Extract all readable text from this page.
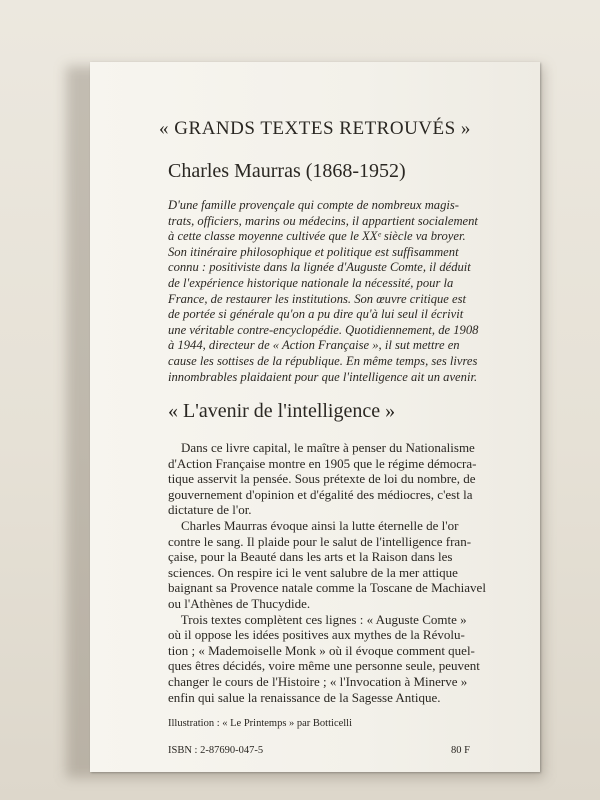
« GRANDS TEXTES RETROUVÉS »
Charles Maurras (1868-1952)

D'une famille provençale qui compte de nombreux magis-
trats, officiers, marins ou médecins, il appartient socialement
à cette classe moyenne cultivée que le XXᵉ siècle va broyer.
Son itinéraire philosophique et politique est suffisamment
connu : positiviste dans la lignée d'Auguste Comte, il déduit
de l'expérience historique nationale la nécessité, pour la
France, de restaurer les institutions. Son œuvre critique est
de portée si générale qu'on a pu dire qu'à lui seul il écrivit
une véritable contre-encyclopédie. Quotidiennement, de 1908
à 1944, directeur de « Action Française », il sut mettre en
cause les sottises de la république. En même temps, ses livres
innombrables plaidaient pour que l'intelligence ait un avenir.

« L'avenir de l'intelligence »
Dans ce livre capital, le maître à penser du Nationalisme
d'Action Française montre en 1905 que le régime démocra-
tique asservit la pensée. Sous prétexte de loi du nombre, de
gouvernement d'opinion et d'égalité des médiocres, c'est la
dictature de l'or.
Charles Maurras évoque ainsi la lutte éternelle de l'or
contre le sang. Il plaide pour le salut de l'intelligence fran-
çaise, pour la Beauté dans les arts et la Raison dans les
sciences. On respire ici le vent salubre de la mer attique
baignant sa Provence natale comme la Toscane de Machiavel
ou l'Athènes de Thucydide.
Trois textes complètent ces lignes : « Auguste Comte »
où il oppose les idées positives aux mythes de la Révolu-
tion ; « Mademoiselle Monk » où il évoque comment quel-
ques êtres décidés, voire même une personne seule, peuvent
changer le cours de l'Histoire ; « l'Invocation à Minerve »
enfin qui salue la renaissance de la Sagesse Antique.
Illustration : « Le Printemps » par Botticelli
ISBN : 2-87690-047-5	80 F
